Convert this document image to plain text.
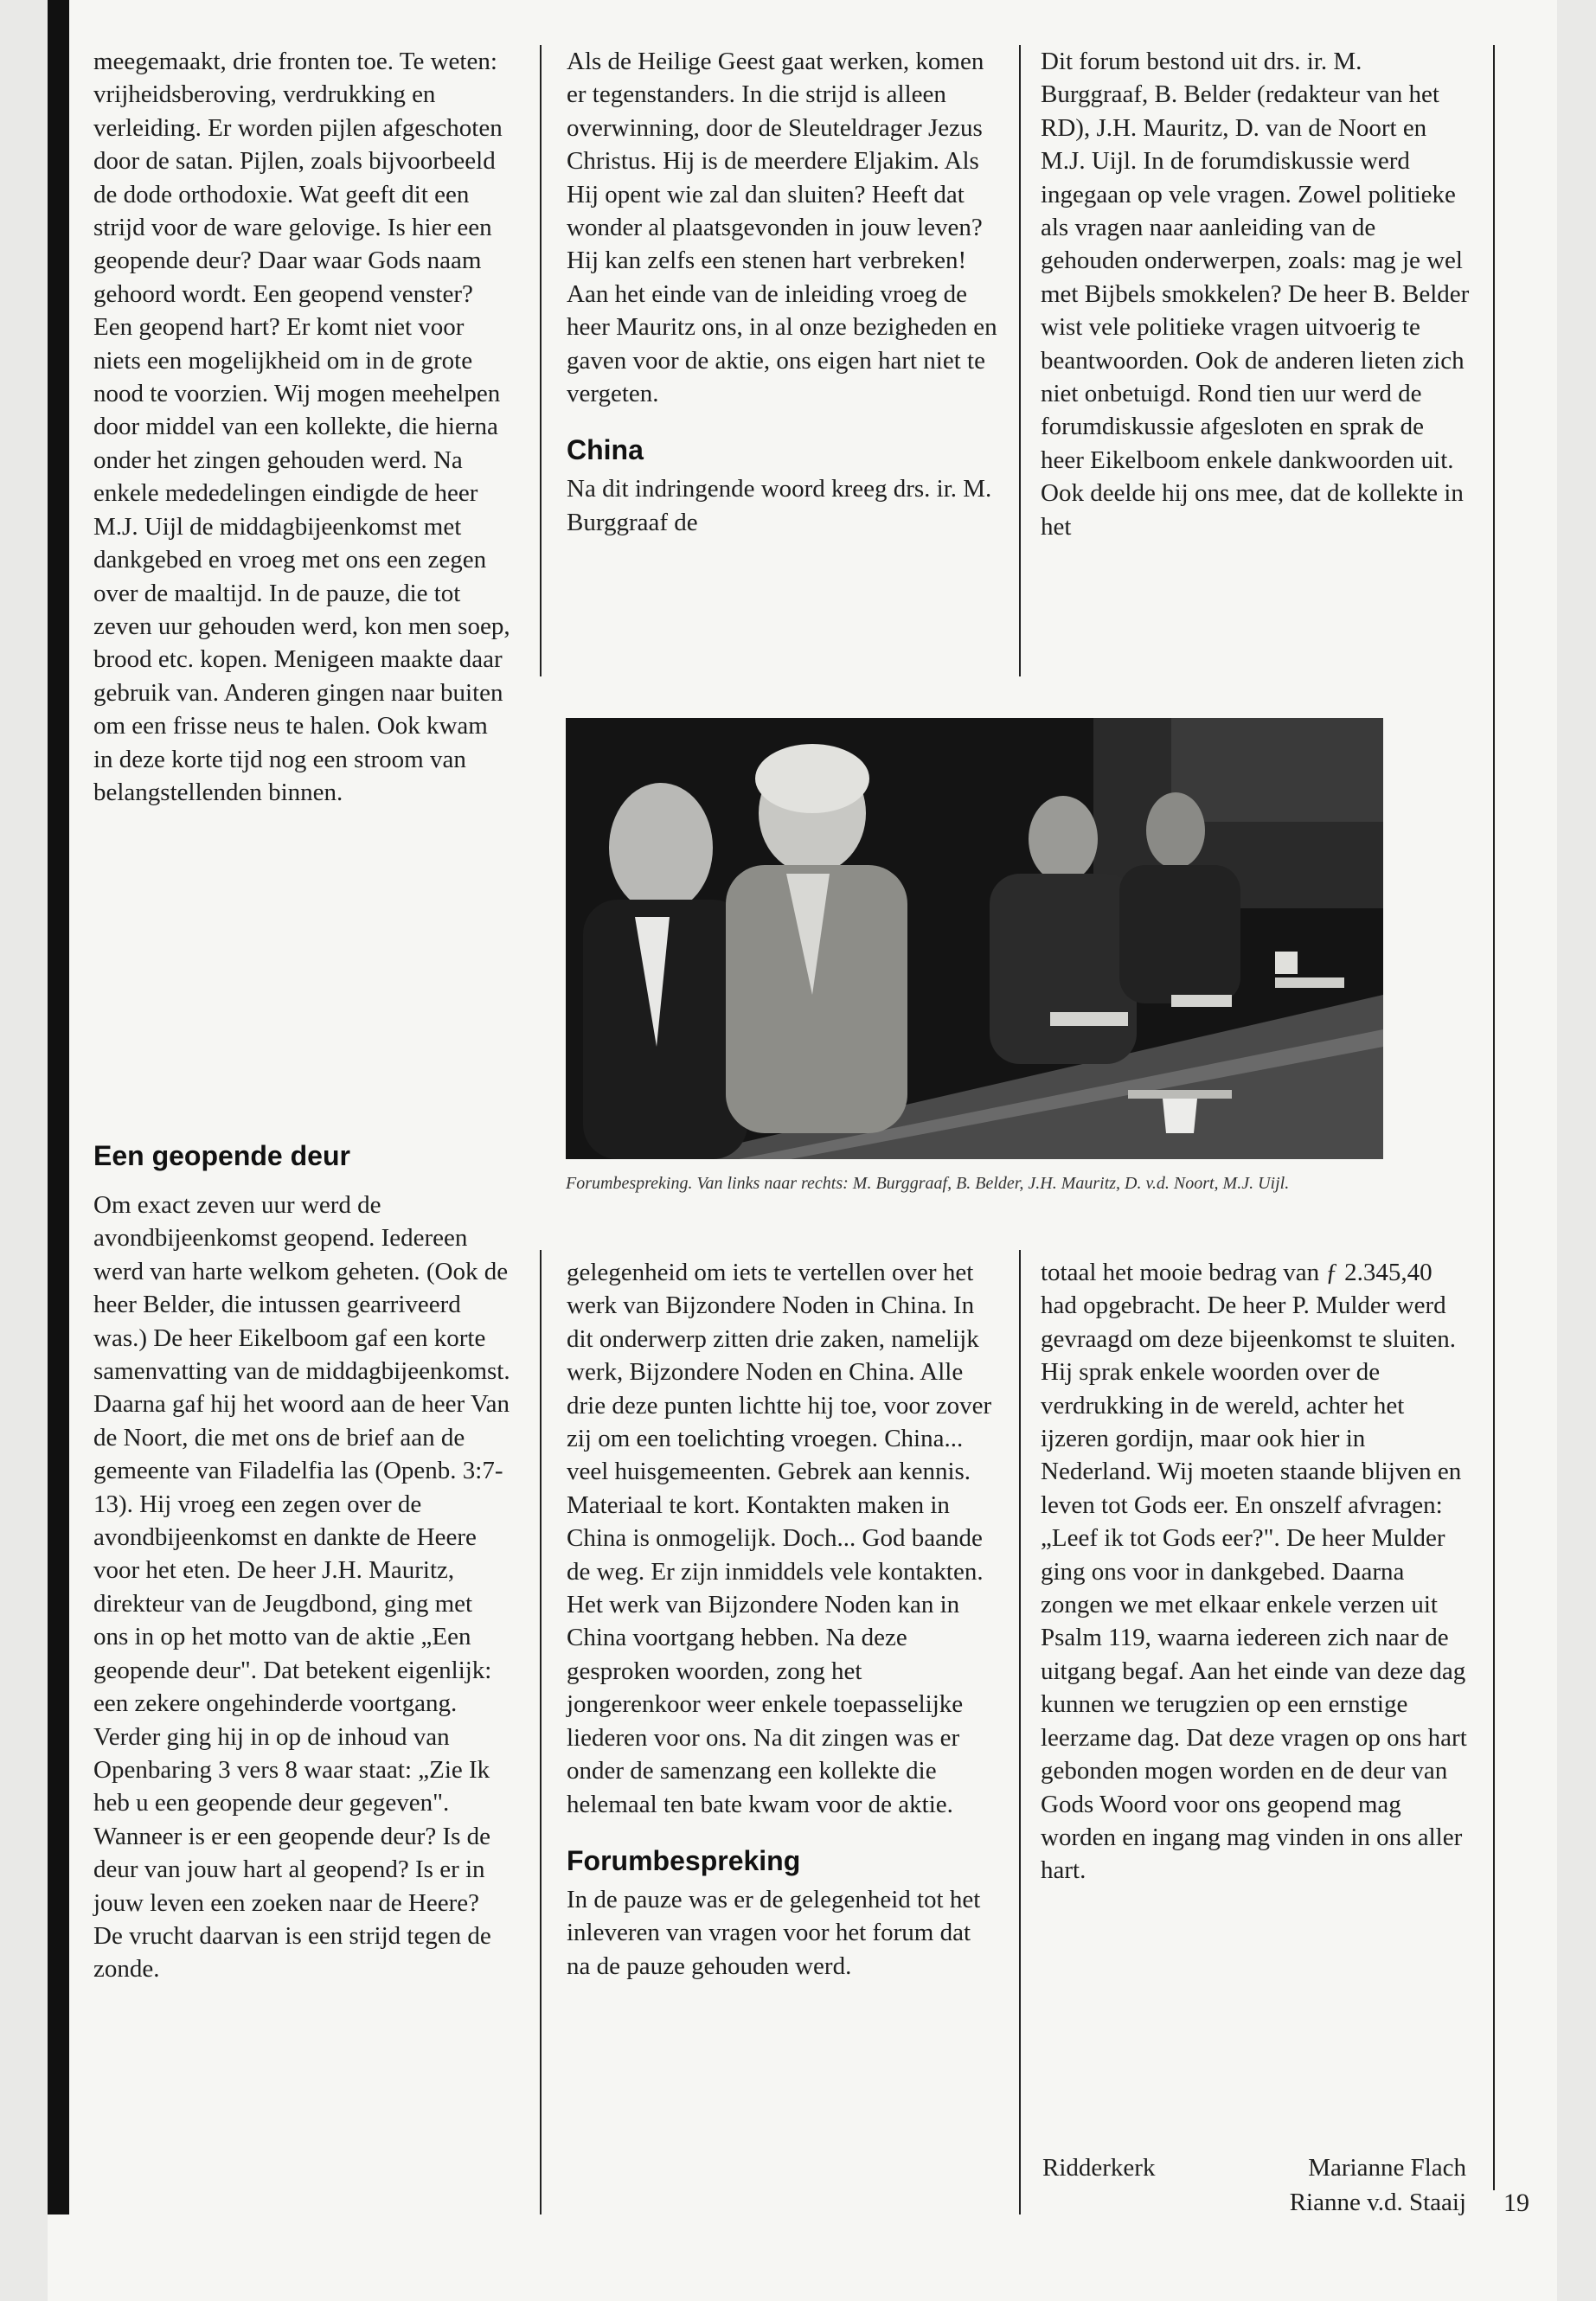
meegemaakt, drie fronten toe. Te weten: vrijheidsberoving, verdrukking en verleiding. Er worden pijlen afgeschoten door de satan. Pijlen, zoals bijvoorbeeld de dode orthodoxie. Wat geeft dit een strijd voor de ware gelovige. Is hier een geopende deur? Daar waar Gods naam gehoord wordt. Een geopend venster? Een geopend hart? Er komt niet voor niets een mogelijkheid om in de grote nood te voorzien. Wij mogen meehelpen door middel van een kollekte, die hierna onder het zingen gehouden werd. Na enkele mededelingen eindigde de heer M.J. Uijl de middagbijeenkomst met dankgebed en vroeg met ons een zegen over de maaltijd. In de pauze, die tot zeven uur gehouden werd, kon men soep, brood etc. kopen. Menigeen maakte daar gebruik van. Anderen gingen naar buiten om een frisse neus te halen. Ook kwam in deze korte tijd nog een stroom van belangstellenden binnen.

Een geopende deur

Om exact zeven uur werd de avondbijeenkomst geopend. Iedereen werd van harte welkom geheten. (Ook de heer Belder, die intussen gearriveerd was.) De heer Eikelboom gaf een korte samenvatting van de middagbijeenkomst. Daarna gaf hij het woord aan de heer Van de Noort, die met ons de brief aan de gemeente van Filadelfia las (Openb. 3:7-13). Hij vroeg een zegen over de avondbijeenkomst en dankte de Heere voor het eten. De heer J.H. Mauritz, direkteur van de Jeugdbond, ging met ons in op het motto van de aktie „Een geopende deur". Dat betekent eigenlijk: een zekere ongehinderde voortgang. Verder ging hij in op de inhoud van Openbaring 3 vers 8 waar staat: „Zie Ik heb u een geopende deur gegeven". Wanneer is er een geopende deur? Is de deur van jouw hart al geopend? Is er in jouw leven een zoeken naar de Heere? De vrucht daarvan is een strijd tegen de zonde.

Als de Heilige Geest gaat werken, komen er tegenstanders. In die strijd is alleen overwinning, door de Sleuteldrager Jezus Christus. Hij is de meerdere Eljakim. Als Hij opent wie zal dan sluiten? Heeft dat wonder al plaatsgevonden in jouw leven? Hij kan zelfs een stenen hart verbreken! Aan het einde van de inleiding vroeg de heer Mauritz ons, in al onze bezigheden en gaven voor de aktie, ons eigen hart niet te vergeten.

China

Na dit indringende woord kreeg drs. ir. M. Burggraaf de

gelegenheid om iets te vertellen over het werk van Bijzondere Noden in China. In dit onderwerp zitten drie zaken, namelijk werk, Bijzondere Noden en China. Alle drie deze punten lichtte hij toe, voor zover zij om een toelichting vroegen. China... veel huisgemeenten. Gebrek aan kennis. Materiaal te kort. Kontakten maken in China is onmogelijk. Doch... God baande de weg. Er zijn inmiddels vele kontakten. Het werk van Bijzondere Noden kan in China voortgang hebben. Na deze gesproken woorden, zong het jongerenkoor weer enkele toepasselijke liederen voor ons. Na dit zingen was er onder de samenzang een kollekte die helemaal ten bate kwam voor de aktie.

Forumbespreking

In de pauze was er de gelegenheid tot het inleveren van vragen voor het forum dat na de pauze gehouden werd.

Dit forum bestond uit drs. ir. M. Burggraaf, B. Belder (redakteur van het RD), J.H. Mauritz, D. van de Noort en M.J. Uijl. In de forumdiskussie werd ingegaan op vele vragen. Zowel politieke als vragen naar aanleiding van de gehouden onderwerpen, zoals: mag je wel met Bijbels smokkelen? De heer B. Belder wist vele politieke vragen uitvoerig te beantwoorden. Ook de anderen lieten zich niet onbetuigd. Rond tien uur werd de forumdiskussie afgesloten en sprak de heer Eikelboom enkele dankwoorden uit. Ook deelde hij ons mee, dat de kollekte in het

totaal het mooie bedrag van ƒ 2.345,40 had opgebracht. De heer P. Mulder werd gevraagd om deze bijeenkomst te sluiten. Hij sprak enkele woorden over de verdrukking in de wereld, achter het ijzeren gordijn, maar ook hier in Nederland. Wij moeten staande blijven en leven tot Gods eer. En onszelf afvragen: „Leef ik tot Gods eer?". De heer Mulder ging ons voor in dankgebed. Daarna zongen we met elkaar enkele verzen uit Psalm 119, waarna iedereen zich naar de uitgang begaf. Aan het einde van deze dag kunnen we terugzien op een ernstige leerzame dag. Dat deze vragen op ons hart gebonden mogen worden en de deur van Gods Woord voor ons geopend mag worden en ingang mag vinden in ons aller hart.

Forumbespreking. Van links naar rechts: M. Burggraaf, B. Belder, J.H. Mauritz, D. v.d. Noort, M.J. Uijl.
Ridderkerk	Marianne Flach
Rianne v.d. Staaij 19
